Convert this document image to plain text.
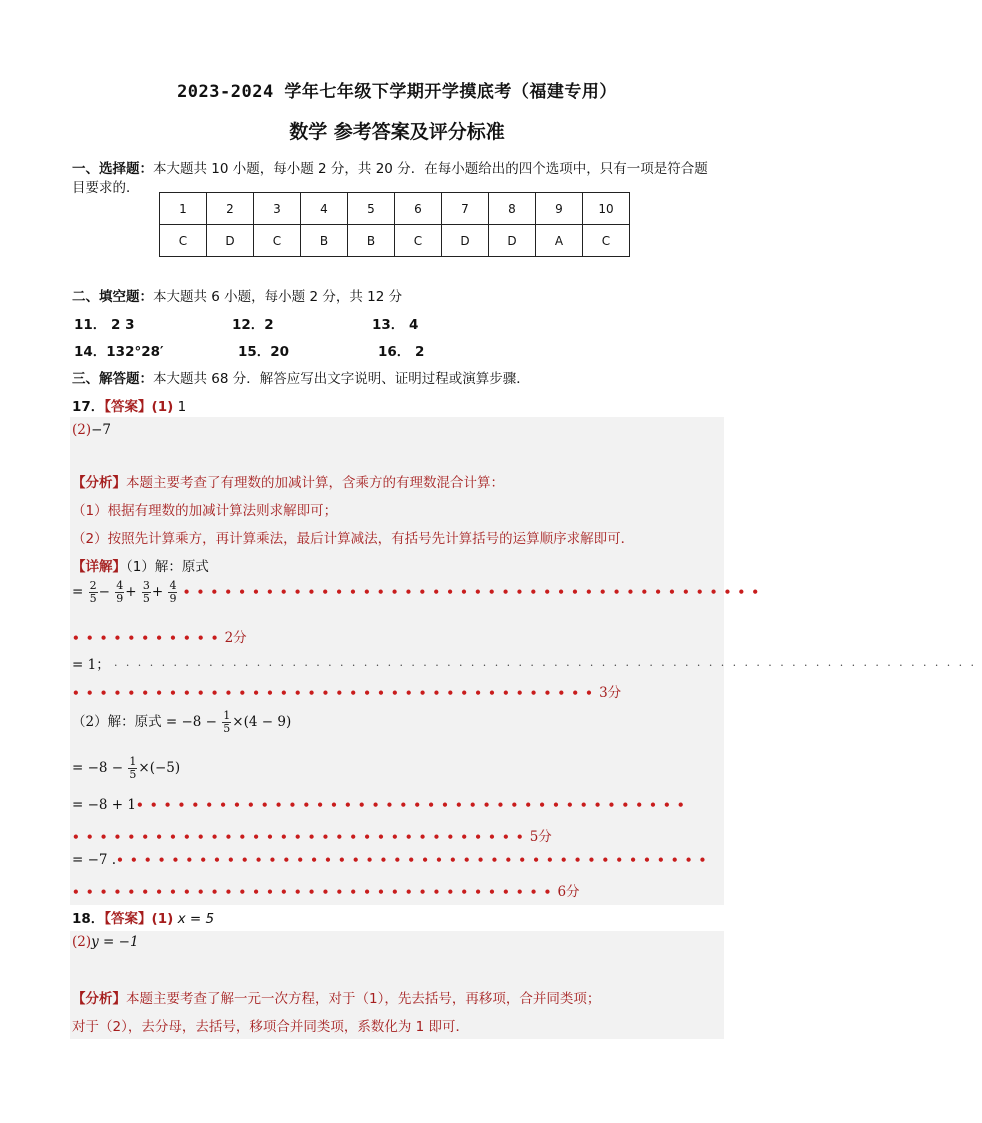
2023-2024 学年七年级下学期开学摸底考（福建专用）
数学 参考答案及评分标准
一、选择题：本大题共 10 小题，每小题 2 分，共 20 分．在每小题给出的四个选项中，只有一项是符合题
目要求的．
1	2	3	4	5	6	7	8	9	10
C	D	C	B	B	C	D	D	A	C
二、填空题：本大题共 6 小题，每小题 2 分，共 12 分
11． 2 3	12．2	13． 4
14．132°28′	15．20	16． 2
三、解答题：本大题共 68 分．解答应写出文字说明、证明过程或演算步骤．
17．【答案】(1) 1
(2)−7
【分析】本题主要考查了有理数的加减计算，含乘方的有理数混合计算：
（1）根据有理数的加减计算法则求解即可；
（2）按照先计算乘方，再计算乘法，最后计算减法，有括号先计算括号的运算顺序求解即可．
【详解】（1）解：原式
= $\frac{2}{5} - \frac{4}{9} + \frac{3}{5} + \frac{4}{9}$ ••••••••••••••••••••••••••••••••••••••••••
•••••••••••2分
= 1； ·········································································
••••••••••••••••••••••••••••••••••••••3分
（2）解：原式 = $-8 - \frac{1}{5} \times(4 - 9)$
= $-8 - \frac{1}{5} \times(-5)$
= −8 + 1••••••••••••••••••••••••••••••••••••••••
•••••••••••••••••••••••••••••••••5分
= −7 .•••••••••••••••••••••••••••••••••••••••••••
•••••••••••••••••••••••••••••••••••6分
18．【答案】(1) x = 5
(2)y = −1
【分析】本题主要考查了解一元一次方程，对于（1），先去括号，再移项，合并同类项；
对于（2），去分母，去括号，移项合并同类项，系数化为 1 即可．
